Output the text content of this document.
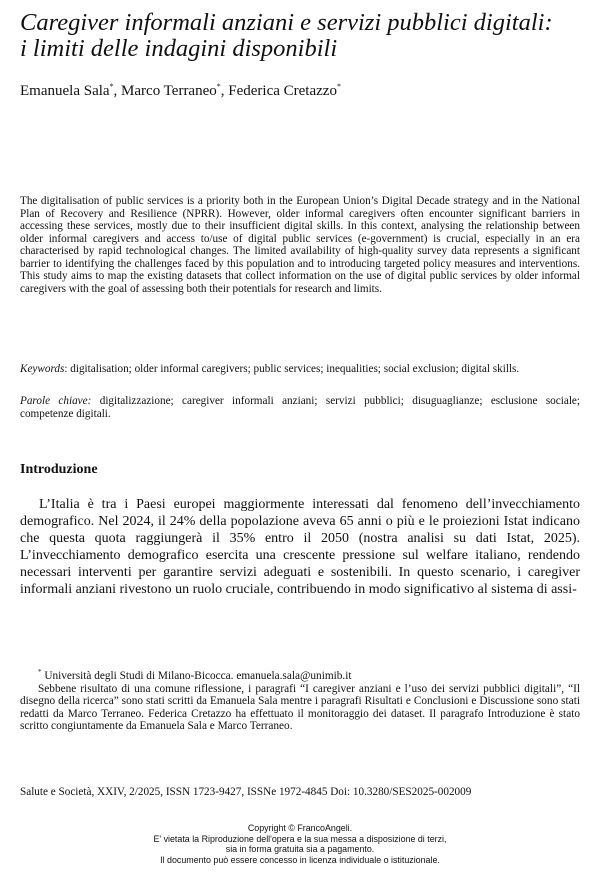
Caregiver informali anziani e servizi pubblici digitali:
i limiti delle indagini disponibili
Emanuela Sala*, Marco Terraneo*, Federica Cretazzo*

The digitalisation of public services is a priority both in the European Union’s Digital Decade strategy and in the National Plan of Recovery and Resilience (NPRR). However, older informal caregivers often encounter significant barriers in accessing these services, mostly due to their insufficient digital skills. In this context, analysing the relationship between older informal caregivers and access to/use of digital public services (e-government) is crucial, especially in an era characterised by rapid technological changes. The limited availability of high-quality survey data represents a significant barrier to identifying the challenges faced by this population and to introducing targeted policy measures and interventions. This study aims to map the existing datasets that collect information on the use of digital public services by older informal caregivers with the goal of assessing both their potentials for research and limits.

Keywords: digitalisation; older informal caregivers; public services; inequalities; social exclusion; digital skills.

Parole chiave: digitalizzazione; caregiver informali anziani; servizi pubblici; disuguaglianze; esclusione sociale; competenze digitali.

Introduzione

L’Italia è tra i Paesi europei maggiormente interessati dal fenomeno dell’invecchiamento demografico. Nel 2024, il 24% della popolazione aveva 65 anni o più e le proiezioni Istat indicano che questa quota raggiungerà il 35% entro il 2050 (nostra analisi su dati Istat, 2025). L’invecchiamento demografico esercita una crescente pressione sul welfare italiano, rendendo necessari interventi per garantire servizi adeguati e sostenibili. In questo scenario, i caregiver informali anziani rivestono un ruolo cruciale, contribuendo in modo significativo al sistema di assi-

* Università degli Studi di Milano-Bicocca. emanuela.sala@unimib.it

Sebbene risultato di una comune riflessione, i paragrafi “I caregiver anziani e l’uso dei servizi pubblici digitali”, “Il disegno della ricerca” sono stati scritti da Emanuela Sala mentre i paragrafi Risultati e Conclusioni e Discussione sono stati redatti da Marco Terraneo. Federica Cretazzo ha effettuato il monitoraggio dei dataset. Il paragrafo Introduzione è stato scritto congiuntamente da Emanuela Sala e Marco Terraneo.

Salute e Società, XXIV, 2/2025, ISSN 1723-9427, ISSNe 1972-4845 Doi: 10.3280/SES2025-002009
Copyright © FrancoAngeli.
E' vietata la Riproduzione dell'opera e la sua messa a disposizione di terzi,
sia in forma gratuita sia a pagamento.
Il documento può essere concesso in licenza individuale o istituzionale.
